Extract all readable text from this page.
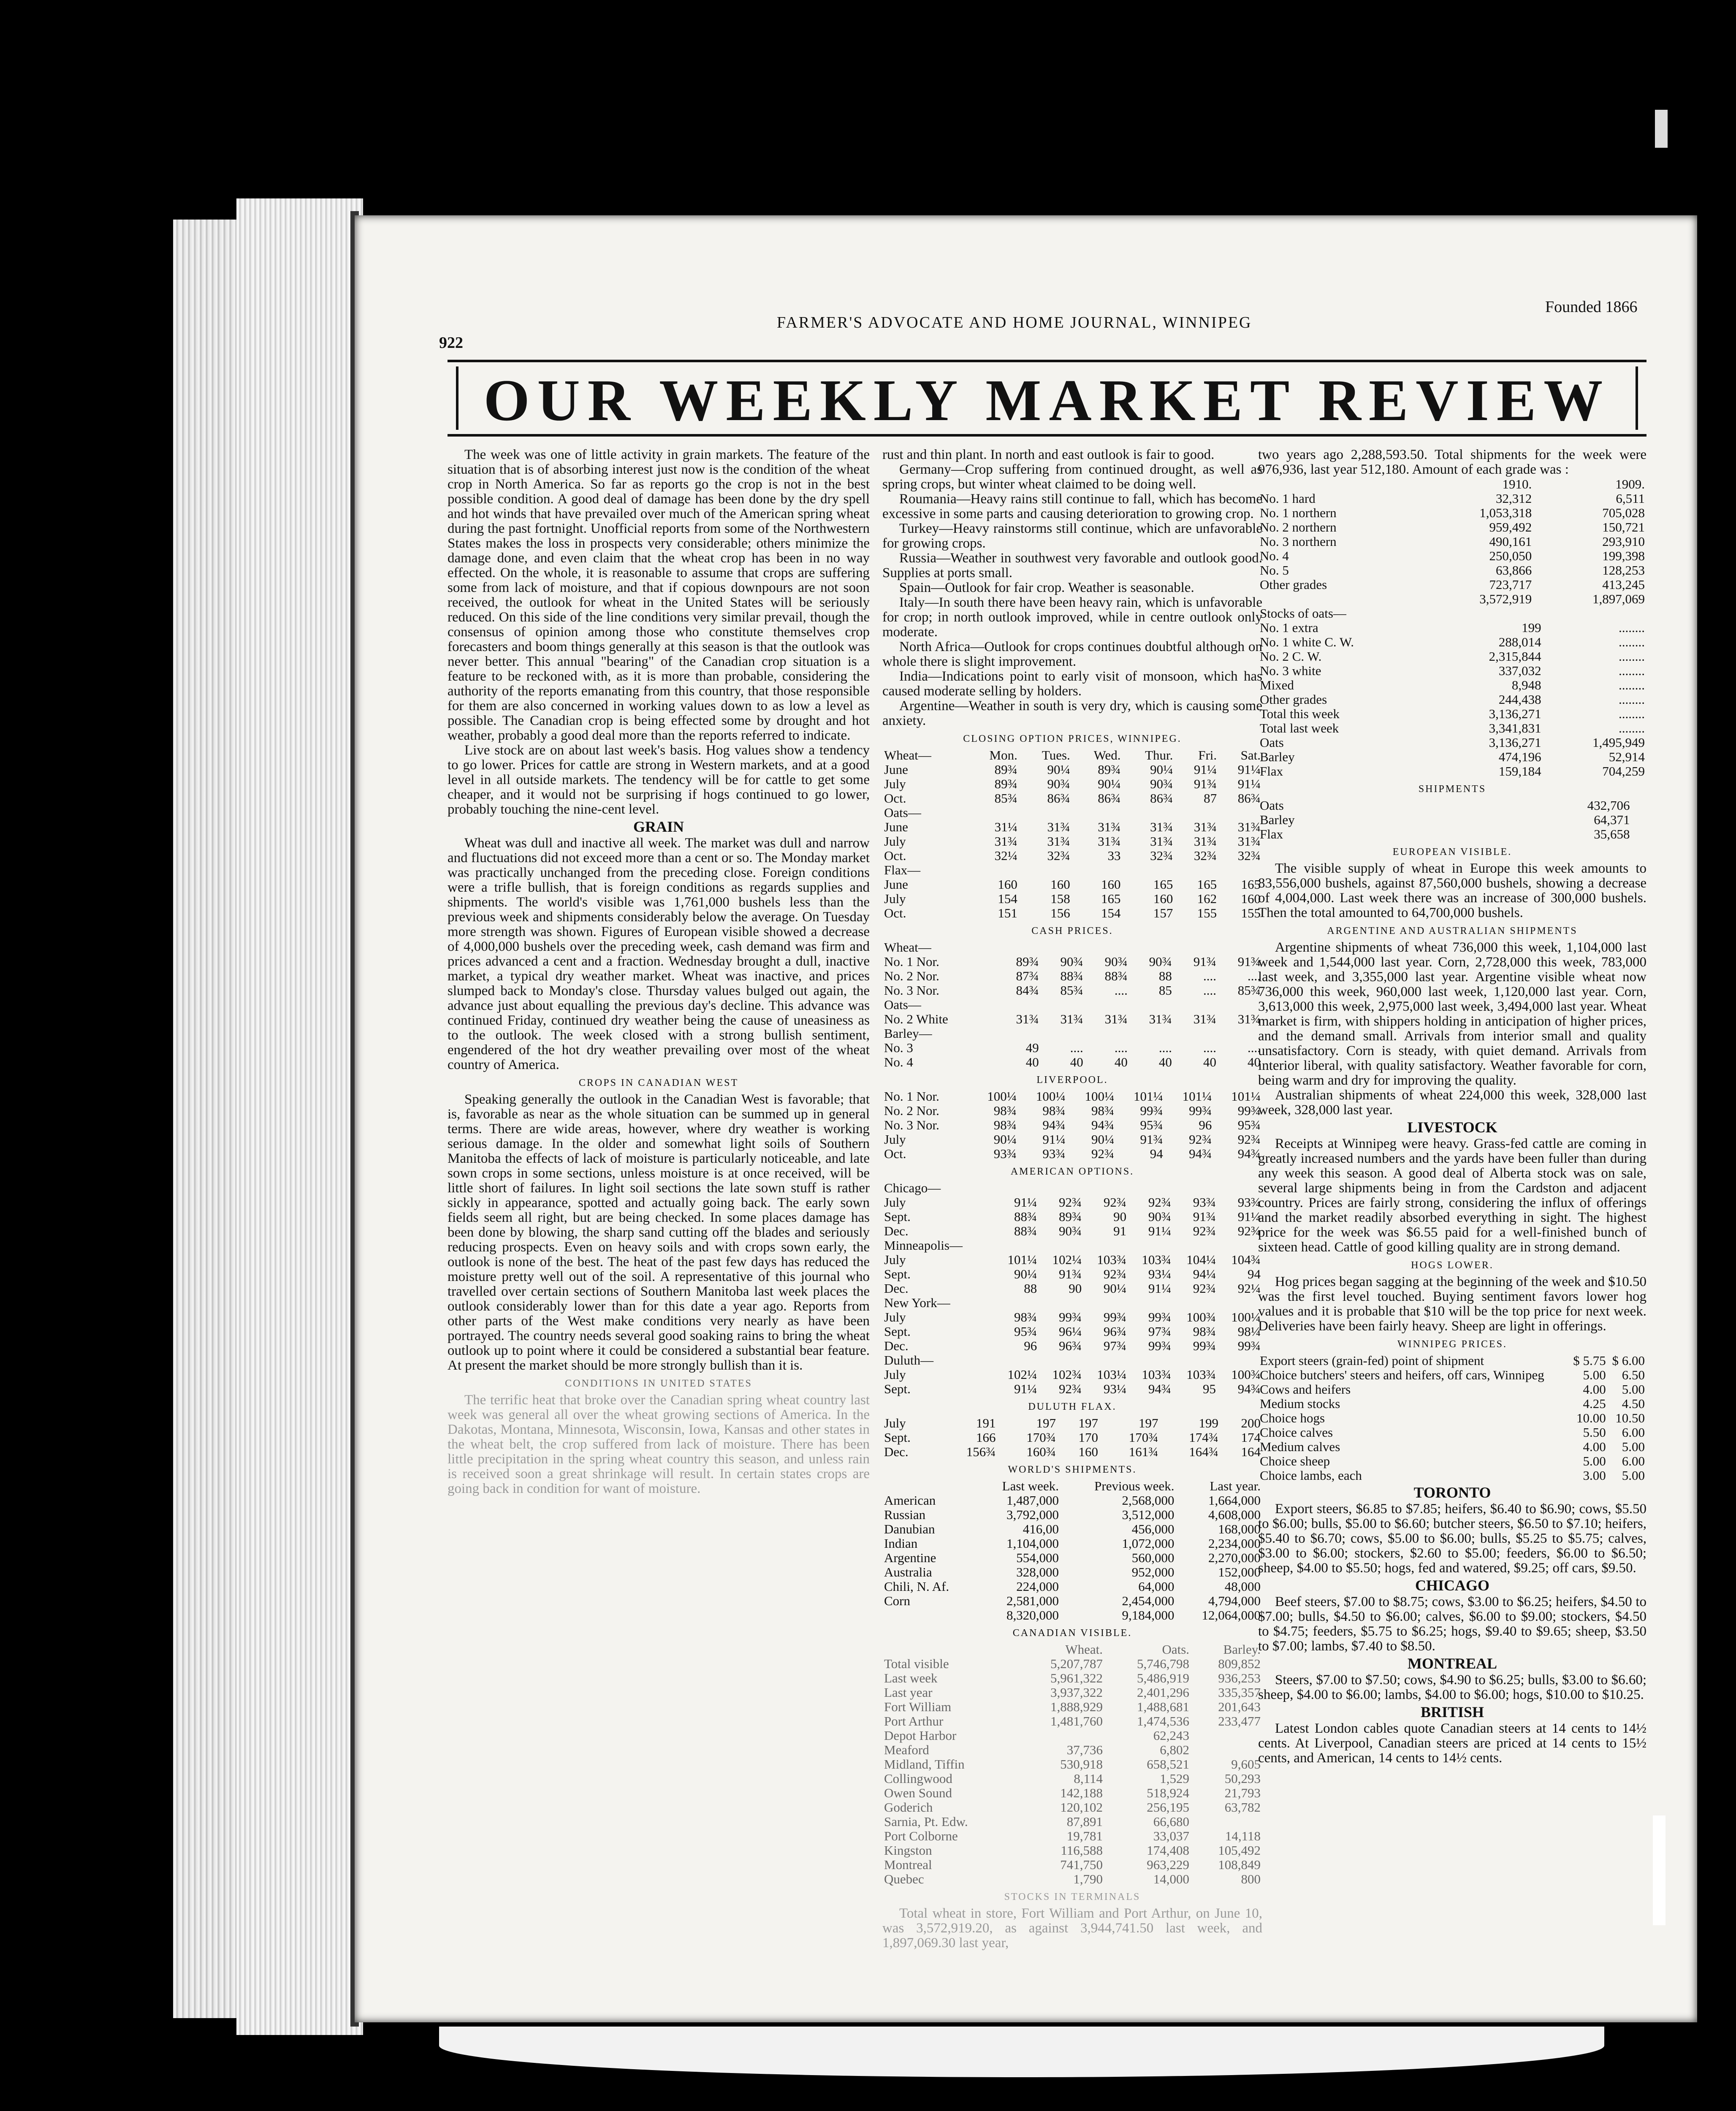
Founded 1866
922
FARMER'S ADVOCATE AND HOME JOURNAL, WINNIPEG
OUR WEEKLY MARKET REVIEW

The week was one of little activity in grain markets. The feature of the situation that is of absorbing interest just now is the condition of the wheat crop in North America. So far as reports go the crop is not in the best possible condition. A good deal of damage has been done by the dry spell and hot winds that have prevailed over much of the American spring wheat during the past fortnight. Unofficial reports from some of the Northwestern States makes the loss in prospects very considerable; others minimize the damage done, and even claim that the wheat crop has been in no way effected. On the whole, it is reasonable to assume that crops are suffering some from lack of moisture, and that if copious downpours are not soon received, the outlook for wheat in the United States will be seriously reduced. On this side of the line conditions very similar prevail, though the consensus of opinion among those who constitute themselves crop forecasters and boom things generally at this season is that the outlook was never better. This annual "bearing" of the Canadian crop situation is a feature to be reckoned with, as it is more than probable, considering the authority of the reports emanating from this country, that those responsible for them are also concerned in working values down to as low a level as possible. The Canadian crop is being effected some by drought and hot weather, probably a good deal more than the reports referred to indicate.

Live stock are on about last week's basis. Hog values show a tendency to go lower. Prices for cattle are strong in Western markets, and at a good level in all outside markets. The tendency will be for cattle to get some cheaper, and it would not be surprising if hogs continued to go lower, probably touching the nine-cent level.

GRAIN

Wheat was dull and inactive all week. The market was dull and narrow and fluctuations did not exceed more than a cent or so. The Monday market was practically unchanged from the preceding close. Foreign conditions were a trifle bullish, that is foreign conditions as regards supplies and shipments. The world's visible was 1,761,000 bushels less than the previous week and shipments considerably below the average. On Tuesday more strength was shown. Figures of European visible showed a decrease of 4,000,000 bushels over the preceding week, cash demand was firm and prices advanced a cent and a fraction. Wednesday brought a dull, inactive market, a typical dry weather market. Wheat was inactive, and prices slumped back to Monday's close. Thursday values bulged out again, the advance just about equalling the previous day's decline. This advance was continued Friday, continued dry weather being the cause of uneasiness as to the outlook. The week closed with a strong bullish sentiment, engendered of the hot dry weather prevailing over most of the wheat country of America.

CROPS IN CANADIAN WEST

Speaking generally the outlook in the Canadian West is favorable; that is, favorable as near as the whole situation can be summed up in general terms. There are wide areas, however, where dry weather is working serious damage. In the older and somewhat light soils of Southern Manitoba the effects of lack of moisture is particularly noticeable, and late sown crops in some sections, unless moisture is at once received, will be little short of failures. In light soil sections the late sown stuff is rather sickly in appearance, spotted and actually going back. The early sown fields seem all right, but are being checked. In some places damage has been done by blowing, the sharp sand cutting off the blades and seriously reducing prospects. Even on heavy soils and with crops sown early, the outlook is none of the best. The heat of the past few days has reduced the moisture pretty well out of the soil. A representative of this journal who travelled over certain sections of Southern Manitoba last week places the outlook considerably lower than for this date a year ago. Reports from other parts of the West make conditions very nearly as have been portrayed. The country needs several good soaking rains to bring the wheat outlook up to point where it could be considered a substantial bear feature. At present the market should be more strongly bullish than it is.

CONDITIONS IN UNITED STATES

The terrific heat that broke over the Canadian spring wheat country last week was general all over the wheat growing sections of America. In the Dakotas, Montana, Minnesota, Wisconsin, Iowa, Kansas and other states in the wheat belt, the crop suffered from lack of moisture. There has been little precipitation in the spring wheat country this season, and unless rain is received soon a great shrinkage will result. In certain states crops are going back in condition for want of moisture.

rust and thin plant. In north and east outlook is fair to good.

Germany—Crop suffering from continued drought, as well as spring crops, but winter wheat claimed to be doing well.

Roumania—Heavy rains still continue to fall, which has become excessive in some parts and causing deterioration to growing crop.

Turkey—Heavy rainstorms still continue, which are unfavorable for growing crops.

Russia—Weather in southwest very favorable and outlook good. Supplies at ports small.

Spain—Outlook for fair crop. Weather is seasonable.

Italy—In south there have been heavy rain, which is unfavorable for crop; in north outlook improved, while in centre outlook only moderate.

North Africa—Outlook for crops continues doubtful although on whole there is slight improvement.

India—Indications point to early visit of monsoon, which has caused moderate selling by holders.

Argentine—Weather in south is very dry, which is causing some anxiety.

CLOSING OPTION PRICES, WINNIPEG.
Wheat—	Mon.	Tues.	Wed.	Thur.	Fri.	Sat.
June	89¾	90¼	89¾	90¼	91¼	91¼
July	89¾	90¾	90¼	90¾	91¾	91¼
Oct.	85¾	86¾	86¾	86¾	87	86¾
Oats—						
June	31¼	31¾	31¾	31¾	31¾	31¾
July	31¾	31¾	31¾	31¾	31¾	31¾
Oct.	32¼	32¾	33	32¾	32¾	32¾
Flax—						
June	160	160	160	165	165	165
July	154	158	165	160	162	160
Oct.	151	156	154	157	155	155
CASH PRICES.
Wheat—						
No. 1 Nor.	89¾	90¾	90¾	90¾	91¾	91¾
No. 2 Nor.	87¾	88¾	88¾	88	....	....
No. 3 Nor.	84¾	85¾	....	85	....	85¾
Oats—						
No. 2 White	31¾	31¾	31¾	31¾	31¾	31¾
Barley—						
No. 3	49	....	....	....	....	....
No. 4	40	40	40	40	40	40
LIVERPOOL.
No. 1 Nor.	100¼	100¼	100¼	101¼	101¼	101¼
No. 2 Nor.	98¾	98¾	98¾	99¾	99¾	99¾
No. 3 Nor.	98¾	94¾	94¾	95¾	96	95¾
July	90¼	91¼	90¼	91¾	92¾	92¾
Oct.	93¾	93¾	92¾	94	94¾	94¾
AMERICAN OPTIONS.
Chicago—						
July	91¼	92¾	92¾	92¾	93¾	93¾
Sept.	88¾	89¾	90	90¾	91¾	91¼
Dec.	88¾	90¾	91	91¼	92¾	92¾
Minneapolis—						
July	101¼	102¼	103¾	103¾	104¼	104¾
Sept.	90¼	91¾	92¾	93¼	94¼	94
Dec.	88	90	90¼	91¼	92¾	92¼
New York—						
July	98¾	99¾	99¾	99¾	100¾	100¼
Sept.	95¾	96¼	96¾	97¾	98¾	98¼
Dec.	96	96¾	97¾	99¾	99¾	99¾
Duluth—						
July	102¼	102¾	103¼	103¾	103¾	100¾
Sept.	91¼	92¾	93¼	94¾	95	94¾
DULUTH FLAX.
July	191	197	197	197	199	200
Sept.	166	170¾	170	170¾	174¾	174
Dec.	156¾	160¾	160	161¾	164¾	164
WORLD'S SHIPMENTS.
	Last week.	Previous week.	Last year.
American	1,487,000	2,568,000	1,664,000
Russian	3,792,000	3,512,000	4,608,000
Danubian	416,00	456,000	168,000
Indian	1,104,000	1,072,000	2,234,000
Argentine	554,000	560,000	2,270,000
Australia	328,000	952,000	152,000
Chili, N. Af.	224,000	64,000	48,000
Corn	2,581,000	2,454,000	4,794,000
	8,320,000	9,184,000	12,064,000
CANADIAN VISIBLE.
	Wheat.	Oats.	Barley.
Total visible	5,207,787	5,746,798	809,852
Last week	5,961,322	5,486,919	936,253
Last year	3,937,322	2,401,296	335,357
Fort William	1,888,929	1,488,681	201,643
Port Arthur	1,481,760	1,474,536	233,477
Depot Harbor		62,243	
Meaford	37,736	6,802	
Midland, Tiffin	530,918	658,521	9,605
Collingwood	8,114	1,529	50,293
Owen Sound	142,188	518,924	21,793
Goderich	120,102	256,195	63,782
Sarnia, Pt. Edw.	87,891	66,680	
Port Colborne	19,781	33,037	14,118
Kingston	116,588	174,408	105,492
Montreal	741,750	963,229	108,849
Quebec	1,790	14,000	800
STOCKS IN TERMINALS

Total wheat in store, Fort William and Port Arthur, on June 10, was 3,572,919.20, as against 3,944,741.50 last week, and 1,897,069.30 last year,

two years ago 2,288,593.50. Total shipments for the week were 976,936, last year 512,180. Amount of each grade was :

	1910.	1909.
No. 1 hard	32,312	6,511
No. 1 northern	1,053,318	705,028
No. 2 northern	959,492	150,721
No. 3 northern	490,161	293,910
No. 4	250,050	199,398
No. 5	63,866	128,253
Other grades	723,717	413,245
	3,572,919	1,897,069
Stocks of oats—		
No. 1 extra	199	........
No. 1 white C. W.	288,014	........
No. 2 C. W.	2,315,844	........
No. 3 white	337,032	........
Mixed	8,948	........
Other grades	244,438	........

Total this week	3,136,271	........
Total last week	3,341,831	........
Oats	3,136,271	1,495,949
Barley	474,196	52,914
Flax	159,184	704,259
SHIPMENTS
Oats	432,706	
Barley	64,371	
Flax	35,658	
EUROPEAN VISIBLE.

The visible supply of wheat in Europe this week amounts to 83,556,000 bushels, against 87,560,000 bushels, showing a decrease of 4,004,000. Last week there was an increase of 300,000 bushels. Then the total amounted to 64,700,000 bushels.

ARGENTINE AND AUSTRALIAN SHIPMENTS

Argentine shipments of wheat 736,000 this week, 1,104,000 last week and 1,544,000 last year. Corn, 2,728,000 this week, 783,000 last week, and 3,355,000 last year. Argentine visible wheat now 736,000 this week, 960,000 last week, 1,120,000 last year. Corn, 3,613,000 this week, 2,975,000 last week, 3,494,000 last year. Wheat market is firm, with shippers holding in anticipation of higher prices, and the demand small. Arrivals from interior small and quality unsatisfactory. Corn is steady, with quiet demand. Arrivals from interior liberal, with quality satisfactory. Weather favorable for corn, being warm and dry for improving the quality.

Australian shipments of wheat 224,000 this week, 328,000 last week, 328,000 last year.

LIVESTOCK

Receipts at Winnipeg were heavy. Grass-fed cattle are coming in greatly increased numbers and the yards have been fuller than during any week this season. A good deal of Alberta stock was on sale, several large shipments being in from the Cardston and adjacent country. Prices are fairly strong, considering the influx of offerings and the market readily absorbed everything in sight. The highest price for the week was $6.55 paid for a well-finished bunch of sixteen head. Cattle of good killing quality are in strong demand.

HOGS LOWER.

Hog prices began sagging at the beginning of the week and $10.50 was the first level touched. Buying sentiment favors lower hog values and it is probable that $10 will be the top price for next week. Deliveries have been fairly heavy. Sheep are light in offerings.

WINNIPEG PRICES.
Export steers (grain-fed) point of shipment	$ 5.75	$ 6.00
Choice butchers' steers and heifers, off cars, Winnipeg	5.00	6.50
Cows and heifers	4.00	5.00
Medium stocks	4.25	4.50
Choice hogs	10.00	10.50
Choice calves	5.50	6.00
Medium calves	4.00	5.00
Choice sheep	5.00	6.00
Choice lambs, each	3.00	5.00
TORONTO

Export steers, $6.85 to $7.85; heifers, $6.40 to $6.90; cows, $5.50 to $6.00; bulls, $5.00 to $6.60; butcher steers, $6.50 to $7.10; heifers, $5.40 to $6.70; cows, $5.00 to $6.00; bulls, $5.25 to $5.75; calves, $3.00 to $6.00; stockers, $2.60 to $5.00; feeders, $6.00 to $6.50; sheep, $4.00 to $5.50; hogs, fed and watered, $9.25; off cars, $9.50.

CHICAGO

Beef steers, $7.00 to $8.75; cows, $3.00 to $6.25; heifers, $4.50 to $7.00; bulls, $4.50 to $6.00; calves, $6.00 to $9.00; stockers, $4.50 to $4.75; feeders, $5.75 to $6.25; hogs, $9.40 to $9.65; sheep, $3.50 to $7.00; lambs, $7.40 to $8.50.

MONTREAL

Steers, $7.00 to $7.50; cows, $4.90 to $6.25; bulls, $3.00 to $6.60; sheep, $4.00 to $6.00; lambs, $4.00 to $6.00; hogs, $10.00 to $10.25.

BRITISH

Latest London cables quote Canadian steers at 14 cents to 14½ cents. At Liverpool, Canadian steers are priced at 14 cents to 15½ cents, and American, 14 cents to 14½ cents.
